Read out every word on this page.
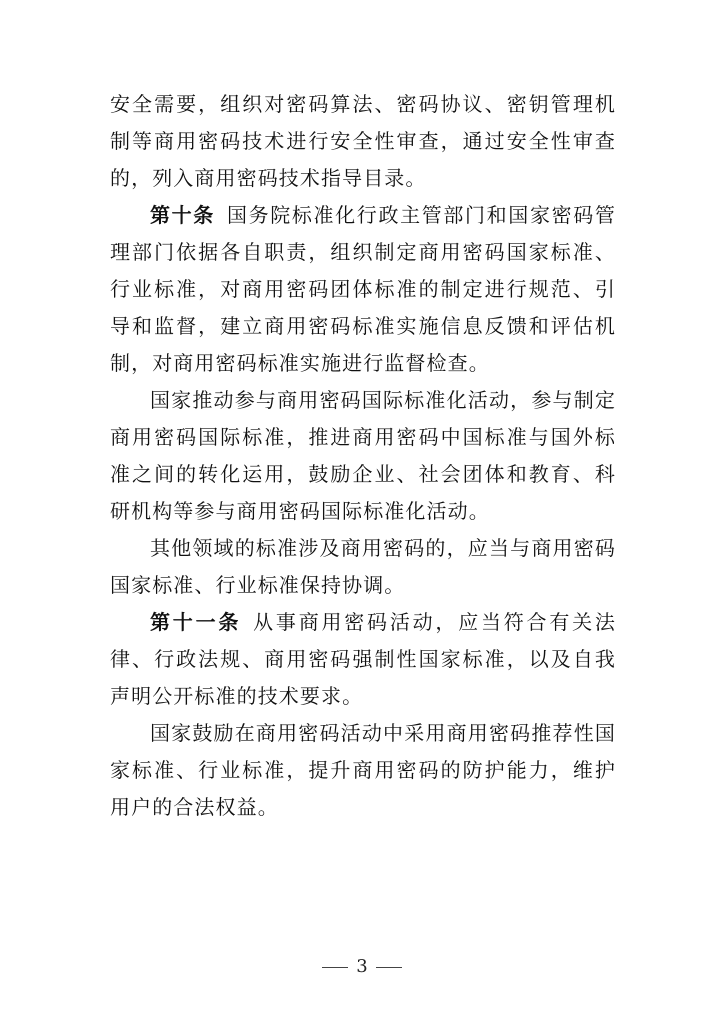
安全需要，组织对密码算法、密码协议、密钥管理机制等商用密码技术进行安全性审查，通过安全性审查的，列入商用密码技术指导目录。

第十条 国务院标准化行政主管部门和国家密码管理部门依据各自职责，组织制定商用密码国家标准、行业标准，对商用密码团体标准的制定进行规范、引导和监督，建立商用密码标准实施信息反馈和评估机制，对商用密码标准实施进行监督检查。

国家推动参与商用密码国际标准化活动，参与制定商用密码国际标准，推进商用密码中国标准与国外标准之间的转化运用，鼓励企业、社会团体和教育、科研机构等参与商用密码国际标准化活动。

其他领域的标准涉及商用密码的，应当与商用密码国家标准、行业标准保持协调。

第十一条 从事商用密码活动，应当符合有关法律、行政法规、商用密码强制性国家标准，以及自我声明公开标准的技术要求。

国家鼓励在商用密码活动中采用商用密码推荐性国家标准、行业标准，提升商用密码的防护能力，维护用户的合法权益。

3
